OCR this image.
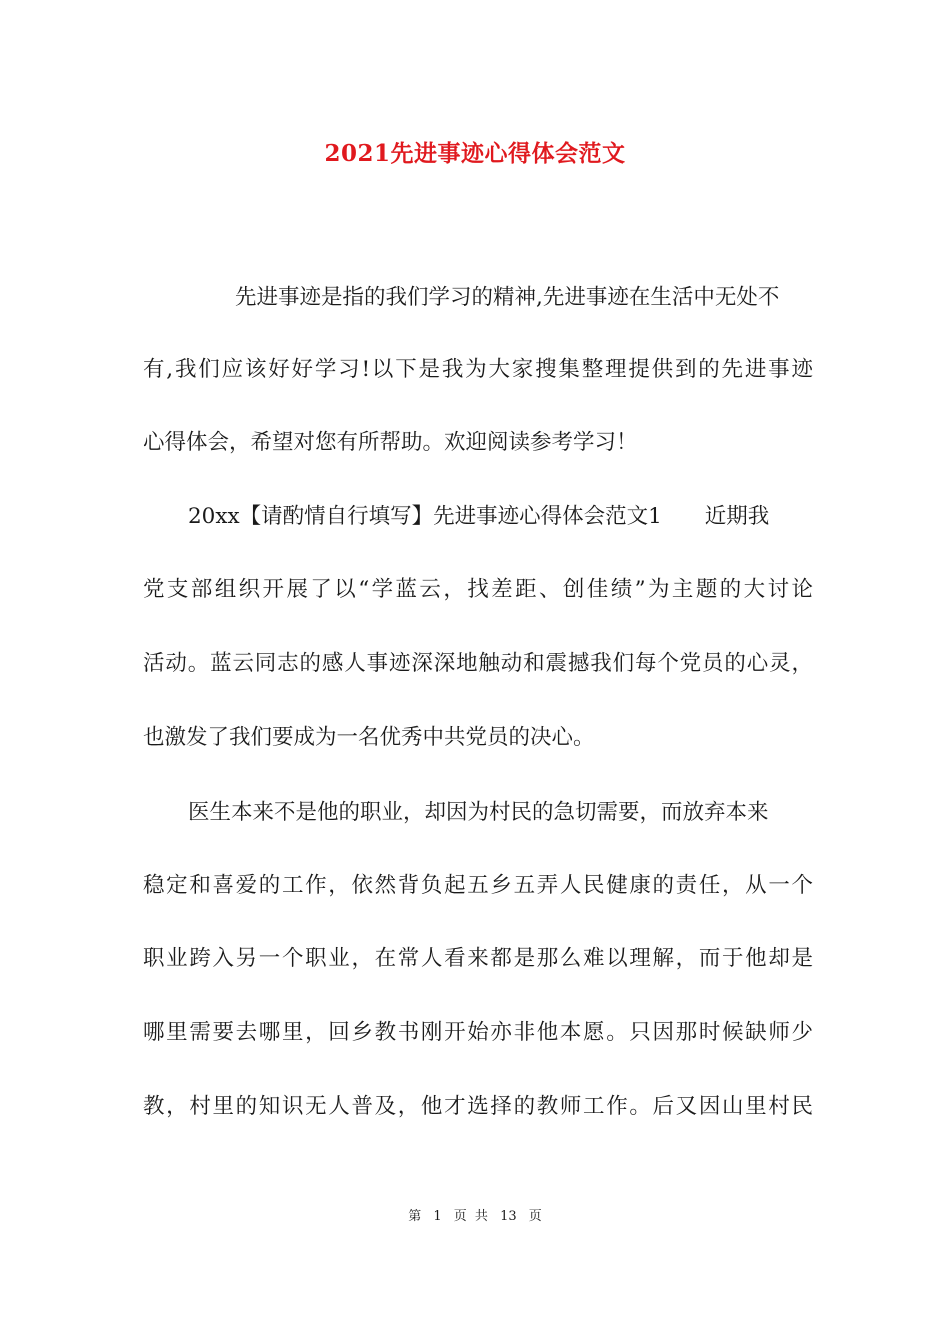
2021先进事迹心得体会范文
先进事迹是指的我们学习的精神,先进事迹在生活中无处不
有,我们应该好好学习!以下是我为大家搜集整理提供到的先进事迹
心得体会，希望对您有所帮助。欢迎阅读参考学习！
20xx【请酌情自行填写】先进事迹心得体会范文1　　近期我
党支部组织开展了以“学蓝云，找差距、创佳绩”为主题的大讨论
活动。蓝云同志的感人事迹深深地触动和震撼我们每个党员的心灵，
也激发了我们要成为一名优秀中共党员的决心。
医生本来不是他的职业，却因为村民的急切需要，而放弃本来
稳定和喜爱的工作，依然背负起五乡五弄人民健康的责任，从一个
职业跨入另一个职业，在常人看来都是那么难以理解，而于他却是
哪里需要去哪里，回乡教书刚开始亦非他本愿。只因那时候缺师少
教，村里的知识无人普及，他才选择的教师工作。后又因山里村民
第 1 页 共 13 页
